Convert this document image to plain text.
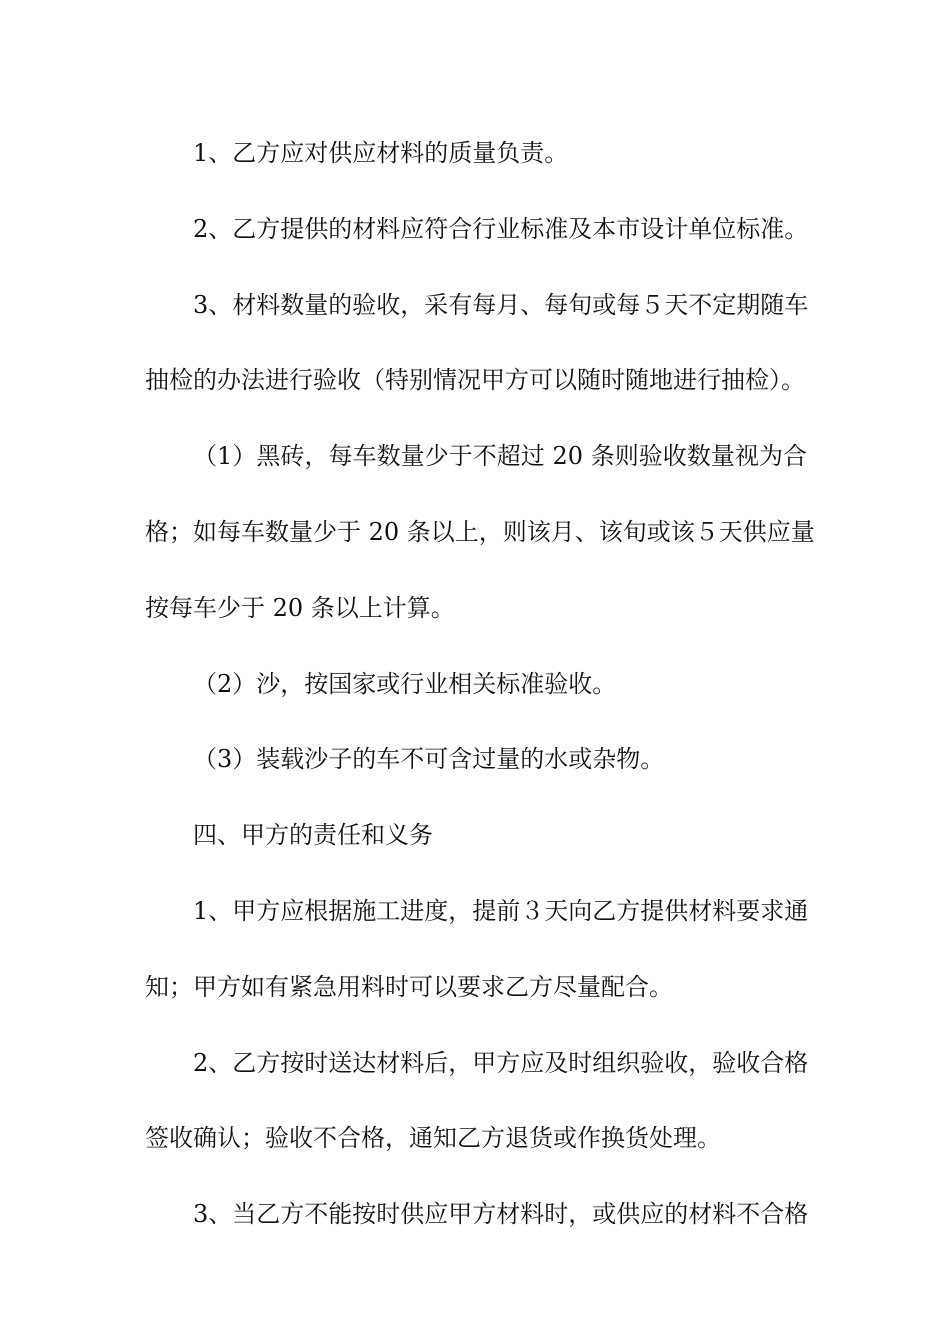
1、乙方应对供应材料的质量负责。
2、乙方提供的材料应符合行业标准及本市设计单位标准。
3、材料数量的验收，采有每月、每旬或每５天不定期随车
抽检的办法进行验收（特别情况甲方可以随时随地进行抽检）。
（1）黑砖，每车数量少于不超过 20 条则验收数量视为合
格；如每车数量少于 20 条以上，则该月、该旬或该５天供应量
按每车少于 20 条以上计算。
（2）沙，按国家或行业相关标准验收。
（3）装载沙子的车不可含过量的水或杂物。
四、甲方的责任和义务
1、甲方应根据施工进度，提前３天向乙方提供材料要求通
知；甲方如有紧急用料时可以要求乙方尽量配合。
2、乙方按时送达材料后，甲方应及时组织验收，验收合格
签收确认；验收不合格，通知乙方退货或作换货处理。
3、当乙方不能按时供应甲方材料时，或供应的材料不合格
